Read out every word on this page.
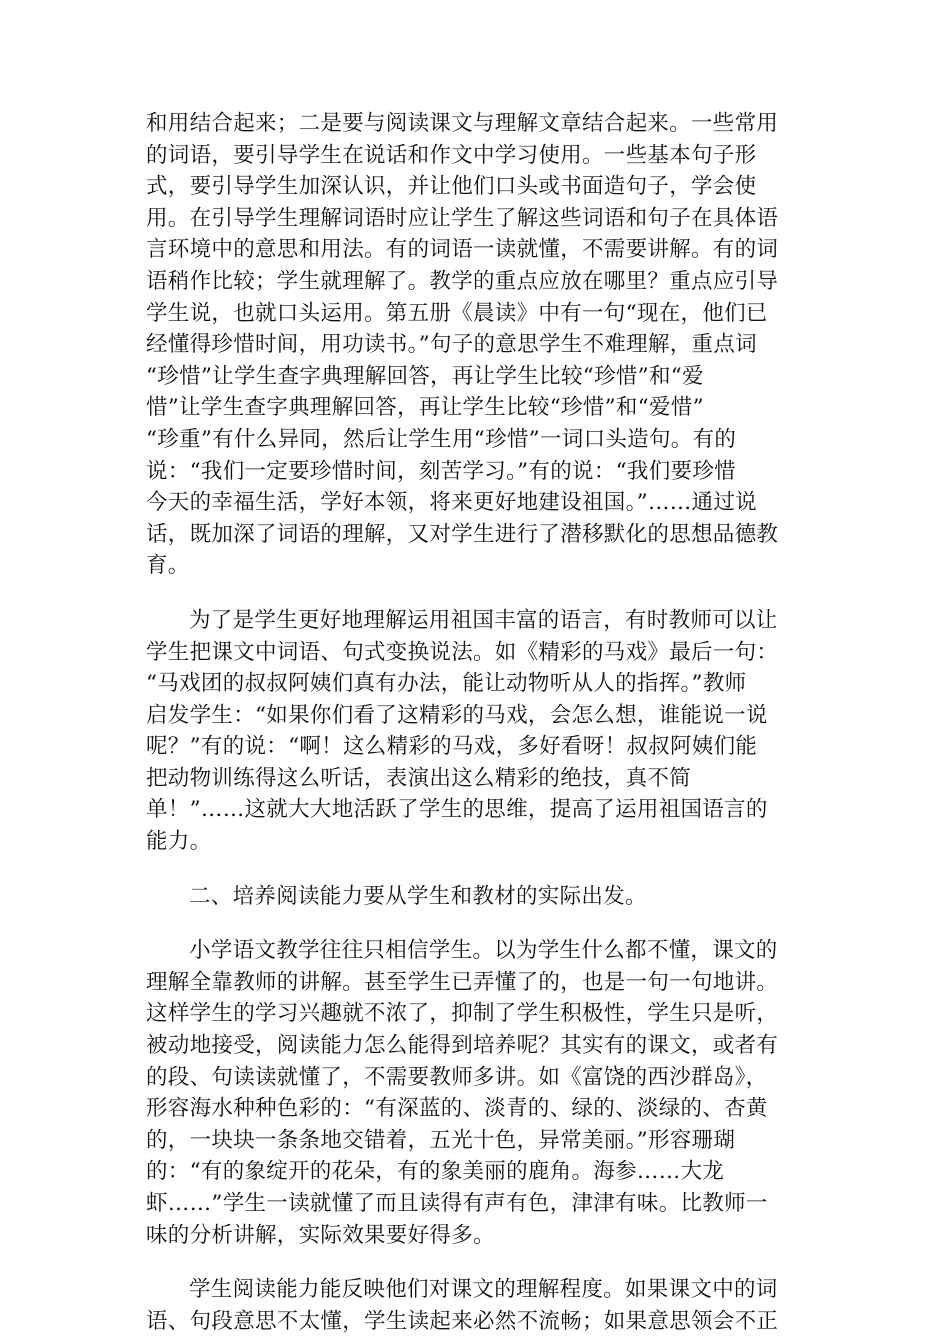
和用结合起来；二是要与阅读课文与理解文章结合起来。一些常用
的词语，要引导学生在说话和作文中学习使用。一些基本句子形
式，要引导学生加深认识，并让他们口头或书面造句子，学会使
用。在引导学生理解词语时应让学生了解这些词语和句子在具体语
言环境中的意思和用法。有的词语一读就懂，不需要讲解。有的词
语稍作比较；学生就理解了。教学的重点应放在哪里？重点应引导
学生说，也就口头运用。第五册《晨读》中有一句“现在，他们已
经懂得珍惜时间，用功读书。”句子的意思学生不难理解，重点词
“珍惜”让学生查字典理解回答，再让学生比较“珍惜”和“爱
惜”让学生查字典理解回答，再让学生比较“珍惜”和“爱惜”
“珍重”有什么异同，然后让学生用“珍惜”一词口头造句。有的
说：“我们一定要珍惜时间，刻苦学习。”有的说：“我们要珍惜
今天的幸福生活，学好本领，将来更好地建设祖国。”……通过说
话，既加深了词语的理解，又对学生进行了潜移默化的思想品德教
育。
为了是学生更好地理解运用祖国丰富的语言，有时教师可以让
学生把课文中词语、句式变换说法。如《精彩的马戏》最后一句：
“马戏团的叔叔阿姨们真有办法，能让动物听从人的指挥。”教师
启发学生：“如果你们看了这精彩的马戏，会怎么想，谁能说一说
呢？”有的说：“啊！这么精彩的马戏，多好看呀！叔叔阿姨们能
把动物训练得这么听话，表演出这么精彩的绝技，真不简
单！”……这就大大地活跃了学生的思维，提高了运用祖国语言的
能力。
二、培养阅读能力要从学生和教材的实际出发。
小学语文教学往往只相信学生。以为学生什么都不懂，课文的
理解全靠教师的讲解。甚至学生已弄懂了的，也是一句一句地讲。
这样学生的学习兴趣就不浓了，抑制了学生积极性，学生只是听，
被动地接受，阅读能力怎么能得到培养呢？其实有的课文，或者有
的段、句读读就懂了，不需要教师多讲。如《富饶的西沙群岛》，
形容海水种种色彩的：“有深蓝的、淡青的、绿的、淡绿的、杏黄
的，一块块一条条地交错着，五光十色，异常美丽。”形容珊瑚
的：“有的象绽开的花朵，有的象美丽的鹿角。海参……大龙
虾……”学生一读就懂了而且读得有声有色，津津有味。比教师一
味的分析讲解，实际效果要好得多。
学生阅读能力能反映他们对课文的理解程度。如果课文中的词
语、句段意思不太懂，学生读起来必然不流畅；如果意思领会不正
